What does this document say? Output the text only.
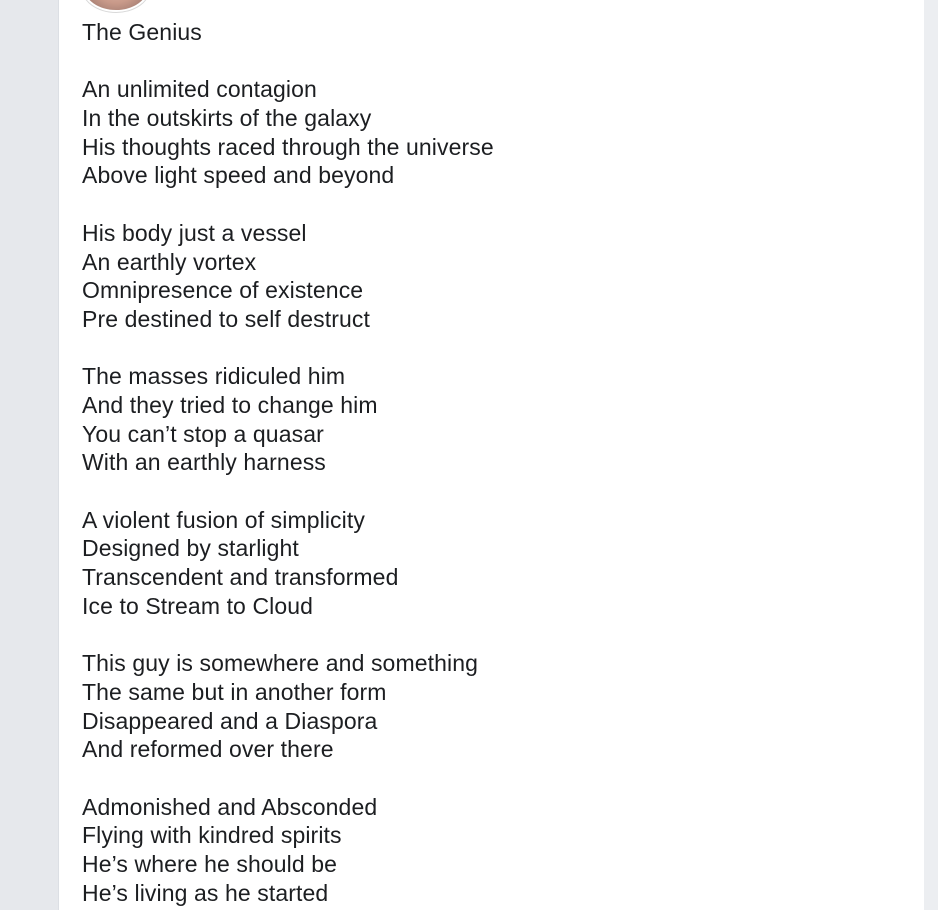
The Genius
An unlimited contagion
In the outskirts of the galaxy
His thoughts raced through the universe
Above light speed and beyond
His body just a vessel
An earthly vortex
Omnipresence of existence
Pre destined to self destruct
The masses ridiculed him
And they tried to change him
You can’t stop a quasar
With an earthly harness
A violent fusion of simplicity
Designed by starlight
Transcendent and transformed
Ice to Stream to Cloud
This guy is somewhere and something
The same but in another form
Disappeared and a Diaspora
And reformed over there
Admonished and Absconded
Flying with kindred spirits
He’s where he should be
He’s living as he started
